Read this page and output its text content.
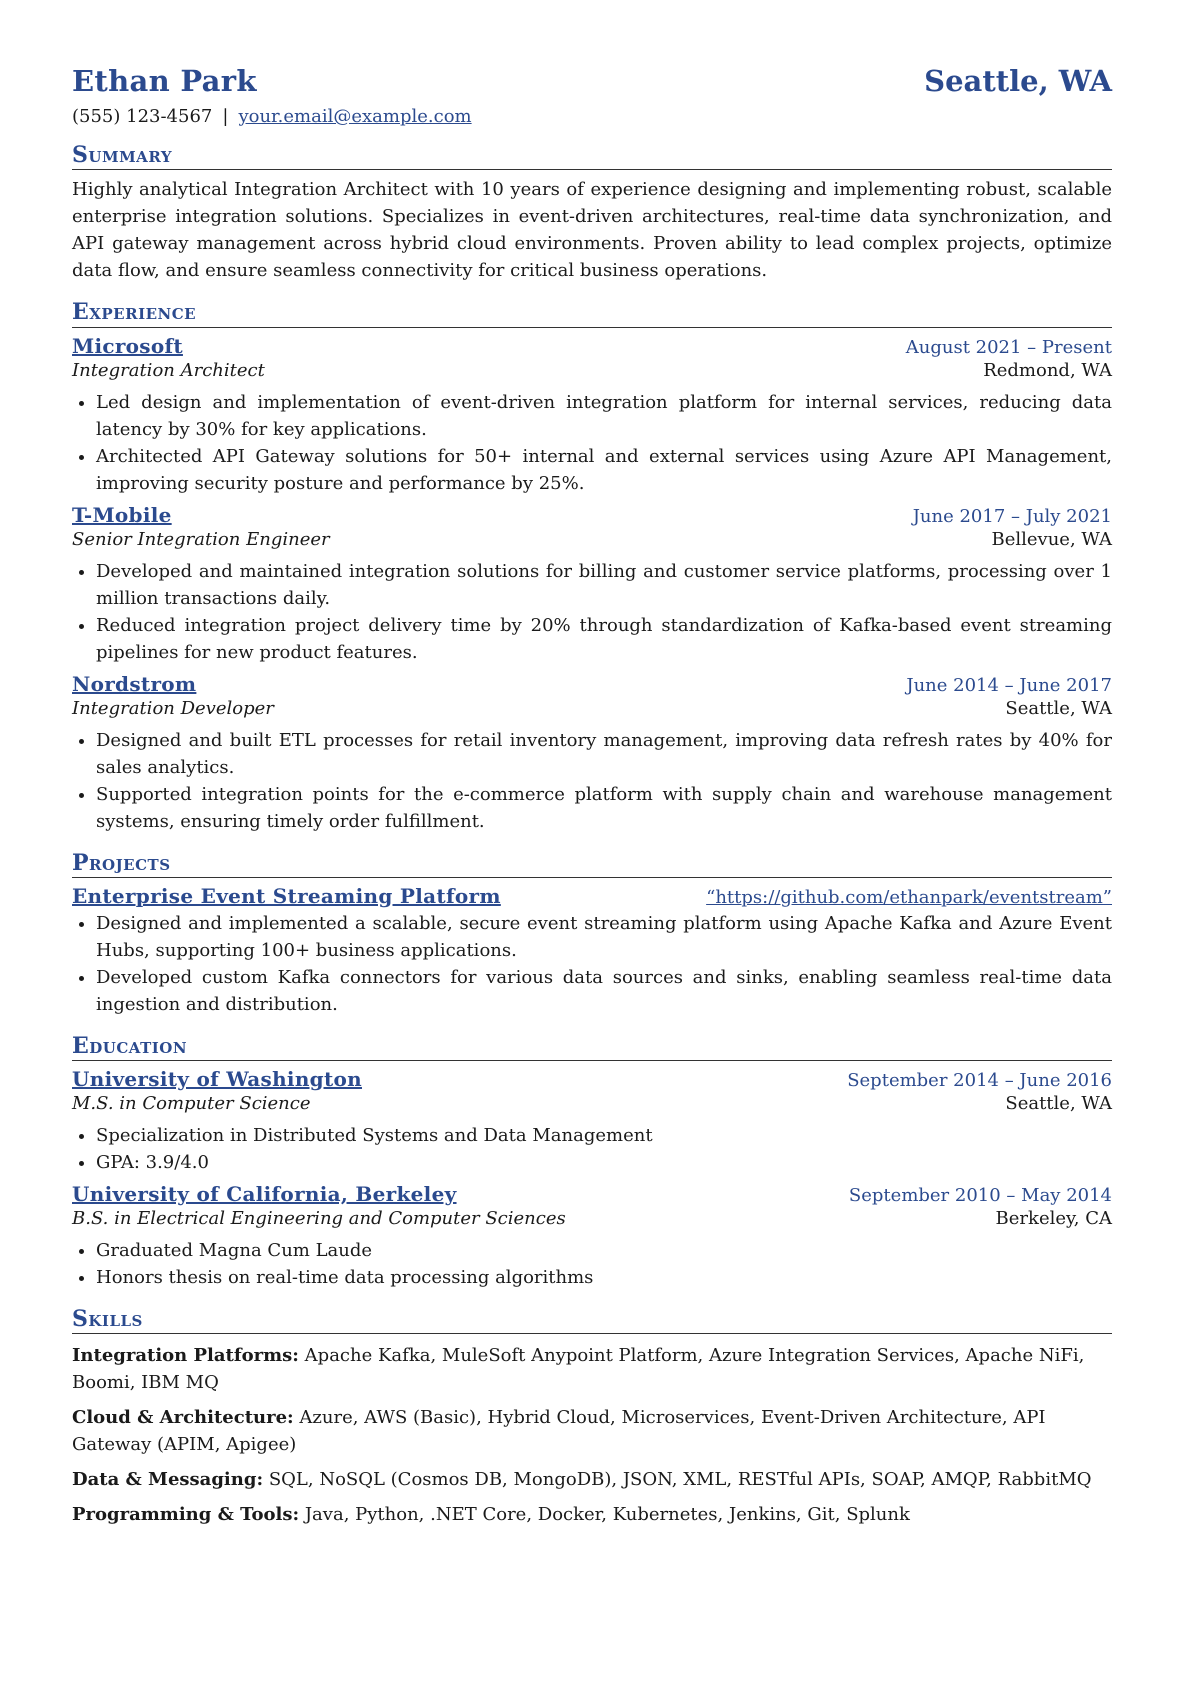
Ethan Park	Seattle, WA
(555) 123-4567 | your.email@example.com
Summary

Highly analytical Integration Architect with 10 years of experience designing and implementing robust, scalable enterprise integration solutions. Specializes in event-driven architectures, real-time data synchronization, and API gateway management across hybrid cloud environments. Proven ability to lead complex projects, optimize data flow, and ensure seamless connectivity for critical business operations.

Experience
Microsoft	August 2021 – Present
Integration Architect	Redmond, WA
• Led design and implementation of event-driven integration platform for internal services, reducing data latency by 30% for key applications.
• Architected API Gateway solutions for 50+ internal and external services using Azure API Management, improving security posture and performance by 25%.
T-Mobile	June 2017 – July 2021
Senior Integration Engineer	Bellevue, WA
• Developed and maintained integration solutions for billing and customer service platforms, processing over 1 million transactions daily.
• Reduced integration project delivery time by 20% through standardization of Kafka-based event streaming pipelines for new product features.
Nordstrom	June 2014 – June 2017
Integration Developer	Seattle, WA
• Designed and built ETL processes for retail inventory management, improving data refresh rates by 40% for sales analytics.
• Supported integration points for the e-commerce platform with supply chain and warehouse management systems, ensuring timely order fulfillment.
Projects
Enterprise Event Streaming Platform	“https://github.com/ethanpark/eventstream”
• Designed and implemented a scalable, secure event streaming platform using Apache Kafka and Azure Event Hubs, supporting 100+ business applications.
• Developed custom Kafka connectors for various data sources and sinks, enabling seamless real-time data ingestion and distribution.
Education
University of Washington	September 2014 – June 2016
M.S. in Computer Science	Seattle, WA
• Specialization in Distributed Systems and Data Management
• GPA: 3.9/4.0
University of California, Berkeley	September 2010 – May 2014
B.S. in Electrical Engineering and Computer Sciences	Berkeley, CA
• Graduated Magna Cum Laude
• Honors thesis on real-time data processing algorithms
Skills
Integration Platforms: Apache Kafka, MuleSoft Anypoint Platform, Azure Integration Services, Apache NiFi, Boomi, IBM MQ
Cloud & Architecture: Azure, AWS (Basic), Hybrid Cloud, Microservices, Event-Driven Architecture, API Gateway (APIM, Apigee)
Data & Messaging: SQL, NoSQL (Cosmos DB, MongoDB), JSON, XML, RESTful APIs, SOAP, AMQP, RabbitMQ
Programming & Tools: Java, Python, .NET Core, Docker, Kubernetes, Jenkins, Git, Splunk
